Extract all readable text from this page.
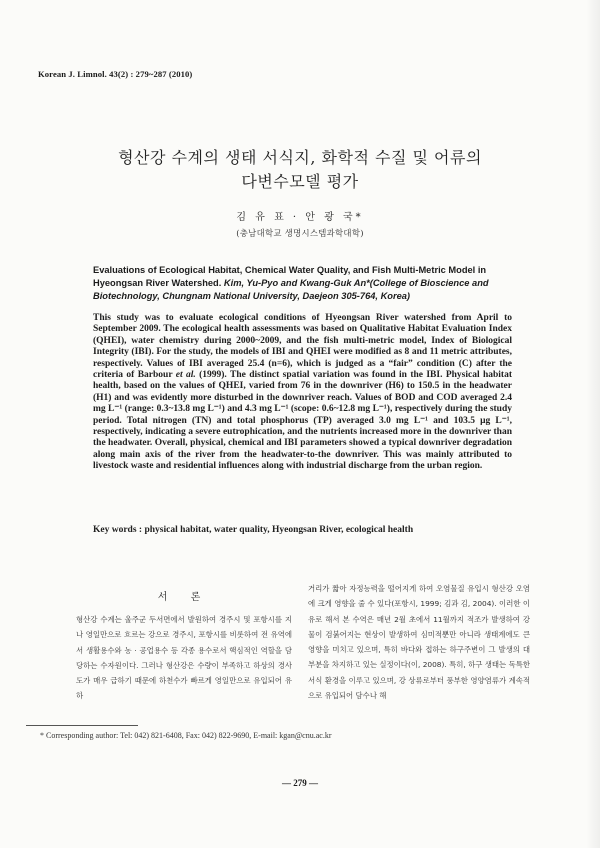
Korean J. Limnol. 43(2) : 279~287 (2010)
형산강 수계의 생태 서식지, 화학적 수질 및 어류의
다변수모델 평가
김 유 표 · 안 광 국*
(충남대학교 생명시스템과학대학)
Evaluations of Ecological Habitat, Chemical Water Quality, and Fish Multi-Metric Model in Hyeongsan River Watershed. Kim, Yu-Pyo and Kwang-Guk An*(College of Bioscience and Biotechnology, Chungnam National University, Daejeon 305-764, Korea)
This study was to evaluate ecological conditions of Hyeongsan River watershed from April to September 2009. The ecological health assessments was based on Qualitative Habitat Evaluation Index (QHEI), water chemistry during 2000~2009, and the fish multi-metric model, Index of Biological Integrity (IBI). For the study, the models of IBI and QHEI were modified as 8 and 11 metric attributes, respectively. Values of IBI averaged 25.4 (n=6), which is judged as a “fair” condition (C) after the criteria of Barbour et al. (1999). The distinct spatial variation was found in the IBI. Physical habitat health, based on the values of QHEI, varied from 76 in the downriver (H6) to 150.5 in the headwater (H1) and was evidently more disturbed in the downriver reach. Values of BOD and COD averaged 2.4 mg L⁻¹ (range: 0.3~13.8 mg L⁻¹) and 4.3 mg L⁻¹ (scope: 0.6~12.8 mg L⁻¹), respectively during the study period. Total nitrogen (TN) and total phosphorus (TP) averaged 3.0 mg L⁻¹ and 103.5 μg L⁻¹, respectively, indicating a severe eutrophication, and the nutrients increased more in the downriver than the headwater. Overall, physical, chemical and IBI parameters showed a typical downriver degradation along main axis of the river from the headwater-to-the downriver. This was mainly attributed to livestock waste and residential influences along with industrial discharge from the urban region.
Key words : physical habitat, water quality, Hyeongsan River, ecological health
서 론
형산강 수계는 울주군 두서면에서 발원하여 경주시 및 포항시를 지나 영일만으로 흐르는 강으로 경주시, 포항시를 비롯하여 전 유역에서 생활용수와 농 · 공업용수 등 각종 용수로서 핵심적인 역할을 담당하는 수자원이다. 그러나 형산강은 수량이 부족하고 하상의 경사도가 매우 급하기 때문에 하천수가 빠르게 영일만으로 유입되어 유하
거리가 짧아 자정능력을 떨어지게 하여 오염물질 유입시 형산강 오염에 크게 영향을 줄 수 있다(포항시, 1999; 김과 김, 2004). 이러한 이유로 해서 본 수역은 매년 2월 초에서 11월까지 적조가 발생하여 강물이 검붉어지는 현상이 발생하여 심미적뿐만 아니라 생태계에도 큰 영향을 미치고 있으며, 특히 바다와 접하는 하구주변이 그 발생의 대부분을 차지하고 있는 실정이다(이, 2008). 특히, 하구 생태는 독특한 서식 환경을 이루고 있으며, 강 상류로부터 풍부한 영양염류가 계속적으로 유입되어 담수나 해
* Corresponding author: Tel: 042) 821-6408, Fax: 042) 822-9690, E-mail: kgan@cnu.ac.kr
— 279 —
